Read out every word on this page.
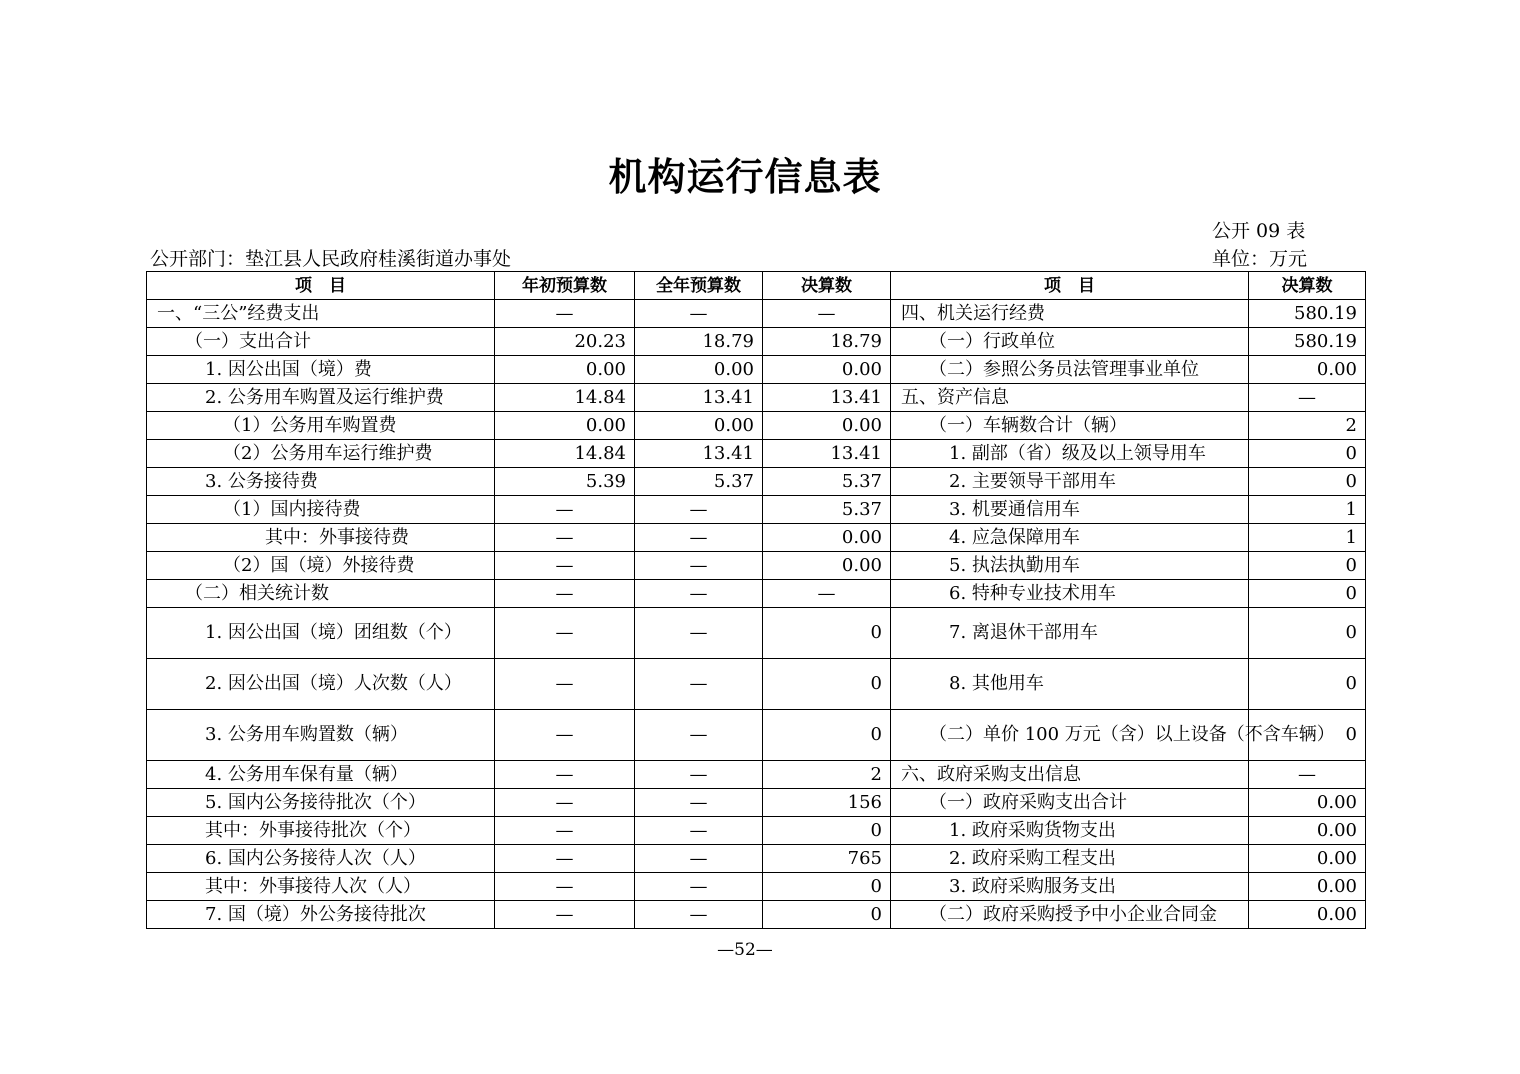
机构运行信息表
公开 09 表
公开部门：垫江县人民政府桂溪街道办事处	单位：万元
项　目	年初预算数	全年预算数	决算数	项　目	决算数
一、“三公”经费支出	—	—	—	四、机关运行经费	580.19
（一）支出合计	20.23	18.79	18.79	（一）行政单位	580.19
1. 因公出国（境）费	0.00	0.00	0.00	（二）参照公务员法管理事业单位	0.00
2. 公务用车购置及运行维护费	14.84	13.41	13.41	五、资产信息	—
（1）公务用车购置费	0.00	0.00	0.00	（一）车辆数合计（辆）	2
（2）公务用车运行维护费	14.84	13.41	13.41	1. 副部（省）级及以上领导用车	0
3. 公务接待费	5.39	5.37	5.37	2. 主要领导干部用车	0
（1）国内接待费	—	—	5.37	3. 机要通信用车	1
其中：外事接待费	—	—	0.00	4. 应急保障用车	1
（2）国（境）外接待费	—	—	0.00	5. 执法执勤用车	0
（二）相关统计数	—	—	—	6. 特种专业技术用车	0
1. 因公出国（境）团组数（个）	—	—	0	7. 离退休干部用车	0
2. 因公出国（境）人次数（人）	—	—	0	8. 其他用车	0
3. 公务用车购置数（辆）	—	—	0	（二）单价 100 万元（含）以上设备（不含车辆）	0
4. 公务用车保有量（辆）	—	—	2	六、政府采购支出信息	—
5. 国内公务接待批次（个）	—	—	156	（一）政府采购支出合计	0.00
其中：外事接待批次（个）	—	—	0	1. 政府采购货物支出	0.00
6. 国内公务接待人次（人）	—	—	765	2. 政府采购工程支出	0.00
其中：外事接待人次（人）	—	—	0	3. 政府采购服务支出	0.00
7. 国（境）外公务接待批次	—	—	0	（二）政府采购授予中小企业合同金	0.00
—52—
